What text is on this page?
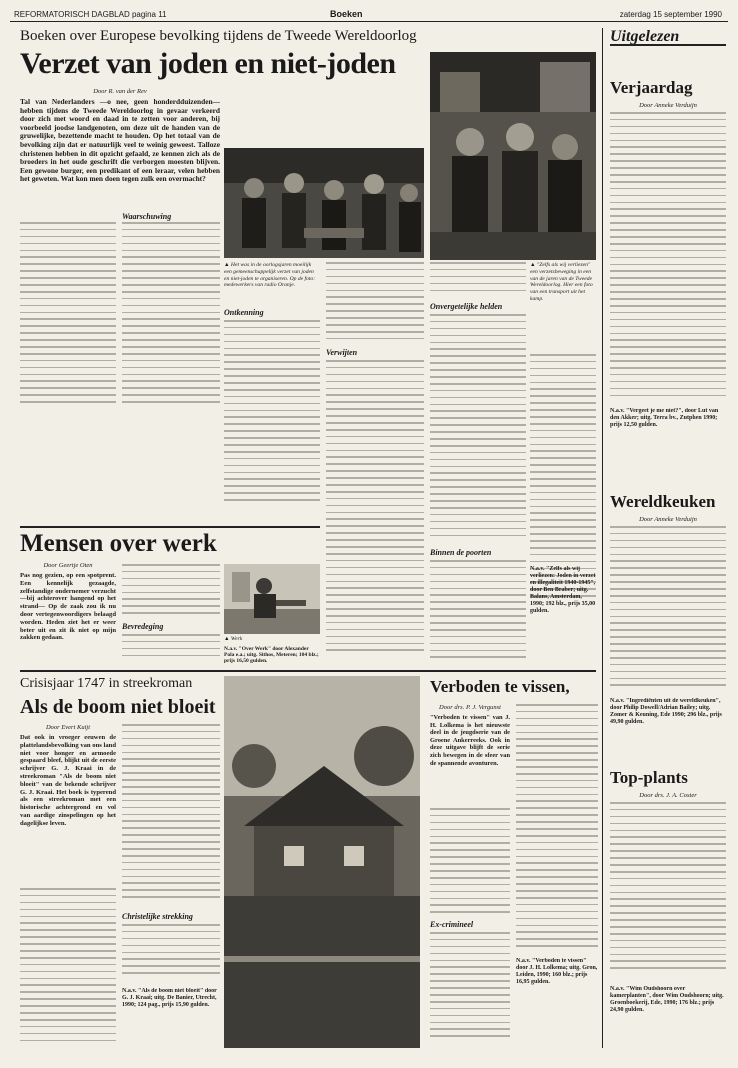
REFORMATORISCH DAGBLAD pagina 11	Boeken	zaterdag 15 september 1990
Boeken over Europese bevolking tijdens de Tweede Wereldoorlog
Verzet van joden en niet-joden
Door R. van der Rev
Tal van Nederlanders —o nee, geen honderdduizenden— hebben tijdens de Tweede Wereldoorlog in gevaar verkeerd door zich met woord en daad in te zetten voor anderen, bij voorbeeld joodse landgenoten, om deze uit de handen van de gruwelijke, bezettende macht te houden. Op het totaal van de bevolking zijn dat er natuurlijk veel te weinig geweest. Talloze christenen hebben in dit opzicht gefaald, ze kennen zich als de broeders in het oude geschrift die verborgen moesten blijven. Een gewone burger, een predikant of een leraar, velen hebben het geweten. Wat kon men doen tegen zulk een overmacht?
▲ Het was in de oorlogsjaren moeilijk een gemeenschappelijk verzet van joden en niet-joden te organiseren. Op de foto: medewerkers van radio Oranje.
▲ "Zelfs als wij verliezen" een verzetsbeweging in een van de jaren van de Tweede Wereldoorlog. Hier een foto van een transport uit het kamp.
Waarschuwing
Ontkenning
Verwijten
Onvergetelijke helden
Binnen de poorten
N.a.v. "Zelfs als wij verliezen: Joden in verzet en illegaliteit 1940-1945", door Ben Braber; uitg. Balans, Amsterdam, 1990; 192 blz., prijs 35,00 gulden.
Mensen over werk
Door Geertje Oten
Pas nog gezien, op een spotprent. Een kennelijk gezaagde, zelfstandige ondernemer verzucht —bij achterover hangend op het strand— Op de zaak zou ik nu door vertegenwoordigers belaagd worden. Heden ziet het er weer beter uit en zit ik niet op mijn zakken gedaan.
Bevredeging
▲ Werk
N.a.v. "Over Werk" door Alexander Pola e.a.; uitg. Sithos, Meteren; 104 blz.; prijs 16,50 gulden.
Crisisjaar 1747 in streekroman
Als de boom niet bloeit
Door Evert Kuijt
Dat ook in vroeger eeuwen de plattelandsbevolking van ons land niet voor honger en armoede gespaard bleef, blijkt uit de eerste schrijver G. J. Kraai in de streekroman "Als de boom niet bloeit" van de bekende schrijver G. J. Kraai. Het boek is typerend als een streekroman met een historische achtergrond en vol van aardige zinspelingen op het dagelijkse leven.
Christelijke strekking
N.a.v. "Als de boom niet bloeit" door G. J. Kraai; uitg. De Banier, Utrecht, 1990; 124 pag., prijs 15,90 gulden.
Verboden te vissen,
Door drs. P. J. Vergunst
"Verboden te vissen" van J. H. Lolkema is het nieuwste deel in de jeugdserie van de Groene Ankerreeks. Ook in deze uitgave blijft de serie zich bewegen in de sfeer van de spannende avonturen.
Ex-crimineel
N.a.v. "Verboden te vissen" door J. H. Lolkema; uitg. Gron, Leiden, 1990; 160 blz.; prijs 16,95 gulden.
Uitgelezen
Verjaardag
Door Anneke Verduijn
N.a.v. "Vergeet je me niet?", door Lut van den Akker; uitg. Terra bv., Zutphen 1990; prijs 12,50 gulden.
Wereldkeuken
Door Anneke Verduijn
N.a.v. "Ingrediënten uit de wereldkeuken", door Philip Dowell/Adrian Bailey; uitg. Zomer & Keuning, Ede 1990; 296 blz., prijs 49,90 gulden.
Top-plants
Door drs. J. A. Coster
N.a.v. "Wim Oudshoorn over kamerplanten", door Wim Oudshoorn; uitg. Groenboekerij, Ede, 1990; 176 blz.; prijs 24,90 gulden.
